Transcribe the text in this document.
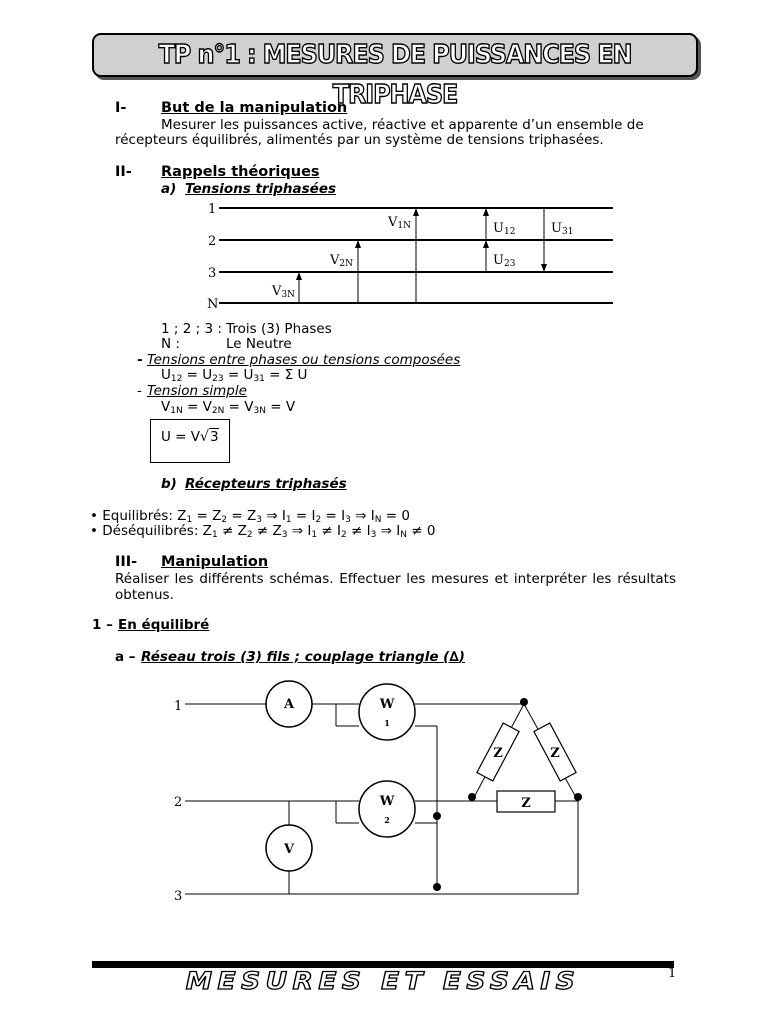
TP n°1 : MESURES DE PUISSANCES EN TRIPHASE
I- But de la manipulation
Mesurer les puissances active, réactive et apparente d’un ensemble de
récepteurs équilibrés, alimentés par un système de tensions triphasées.
II- Rappels théoriques
a) Tensions triphasées
1
2
3
N
V1N
V2N
V3N
U12
U23
U31
1 ; 2 ; 3 : Trois (3) Phases
N :	Le Neutre
- Tensions entre phases ou tensions composées
$U_{12} = U_{23} = U_{31} = \Sigma$ U
- Tension simple
$V_{1N} = V_{2N} = V_{3N} = V$
U = V√3
b) Récepteurs triphasés
• Equilibrés: $Z_1 = Z_2 = Z_3$ ⇒ $I_1 = I_2 = I_3$ ⇒ $I_N = 0$
• Déséquilibrés: $Z_1 \ne Z_2 \ne Z_3$ ⇒ $I_1 \ne I_2 \ne I_3$ ⇒ $I_N \ne 0$
III- Manipulation
Réaliser les différents schémas. Effectuer les mesures et interpréter les résultats obtenus.
1 – En équilibré
a – Réseau trois (3) fils ; couplage triangle (∆)
1
2
3
A	W
1
W
2
V
Z	Z
Z
MESURES ET ESSAIS	1
